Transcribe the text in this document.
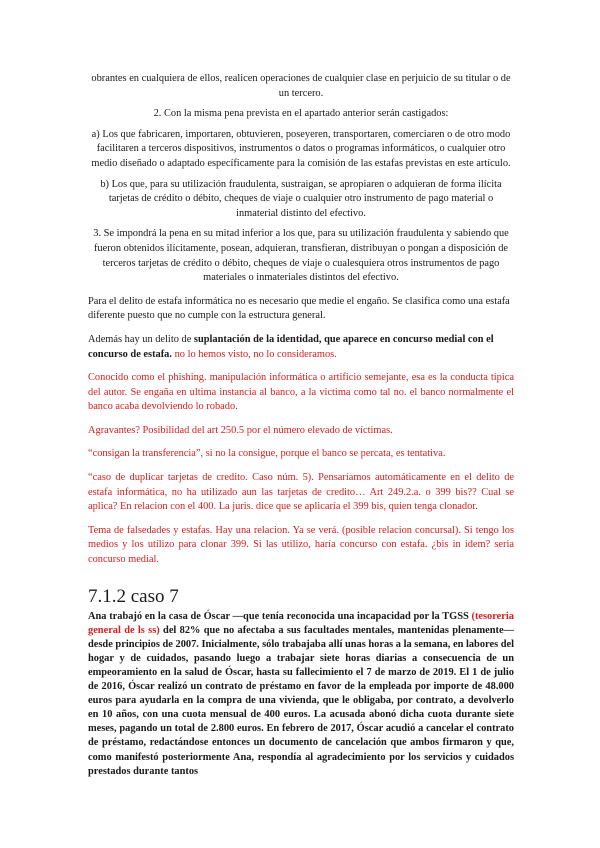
obrantes en cualquiera de ellos, realicen operaciones de cualquier clase en perjuicio de su titular o de un tercero.

2. Con la misma pena prevista en el apartado anterior serán castigados:

a) Los que fabricaren, importaren, obtuvieren, poseyeren, transportaren, comerciaren o de otro modo facilitaren a terceros dispositivos, instrumentos o datos o programas informáticos, o cualquier otro medio diseñado o adaptado específicamente para la comisión de las estafas previstas en este artículo.

b) Los que, para su utilización fraudulenta, sustraigan, se apropiaren o adquieran de forma ilícita tarjetas de crédito o débito, cheques de viaje o cualquier otro instrumento de pago material o inmaterial distinto del efectivo.

3. Se impondrá la pena en su mitad inferior a los que, para su utilización fraudulenta y sabiendo que fueron obtenidos ilícitamente, posean, adquieran, transfieran, distribuyan o pongan a disposición de terceros tarjetas de crédito o débito, cheques de viaje o cualesquiera otros instrumentos de pago materiales o inmateriales distintos del efectivo.

Para el delito de estafa informática no es necesario que medie el engaño. Se clasifica como una estafa diferente puesto que no cumple con la estructura general.

Además hay un delito de suplantación de la identidad, que aparece en concurso medial con el concurso de estafa. no lo hemos visto, no lo consideramos.

Conocido como el phishing. manipulación informática o artificio semejante, esa es la conducta típica del autor. Se engaña en ultima instancia al banco, a la victima como tal no. el banco normalmente el banco acaba devolviendo lo robado.

Agravantes? Posibilidad del art 250.5 por el número elevado de víctimas.

“consigan la transferencia”, si no la consigue, porque el banco se percata, es tentativa.

“caso de duplicar tarjetas de credito. Caso núm. 5). Pensaríamos automáticamente en el delito de estafa informática, no ha utilizado aun las tarjetas de credito… Art 249.2.a. o 399 bis?? Cual se aplica? En relacion con el 400. La juris. dice que se aplicaría el 399 bis, quien tenga clonador.

Tema de falsedades y estafas. Hay una relacion. Ya se verá. (posible relacion concursal). Si tengo los medios y los utilizo para clonar 399. Si las utilizo, haría concurso con estafa. ¿bis in idem? seria concurso medial.

7.1.2 caso 7

Ana trabajó en la casa de Óscar —que tenía reconocida una incapacidad por la TGSS (tesoreria general de ls ss) del 82% que no afectaba a sus facultades mentales, mantenidas plenamente— desde principios de 2007. Inicialmente, sólo trabajaba allí unas horas a la semana, en labores del hogar y de cuidados, pasando luego a trabajar siete horas diarias a consecuencia de un empeoramiento en la salud de Óscar, hasta su fallecimiento el 7 de marzo de 2019. El 1 de julio de 2016, Óscar realizó un contrato de préstamo en favor de la empleada por importe de 48.000 euros para ayudarla en la compra de una vivienda, que le obligaba, por contrato, a devolverlo en 10 años, con una cuota mensual de 400 euros. La acusada abonó dicha cuota durante siete meses, pagando un total de 2.800 euros. En febrero de 2017, Óscar acudió a cancelar el contrato de préstamo, redactándose entonces un documento de cancelación que ambos firmaron y que, como manifestó posteriormente Ana, respondía al agradecimiento por los servicios y cuidados prestados durante tantos
